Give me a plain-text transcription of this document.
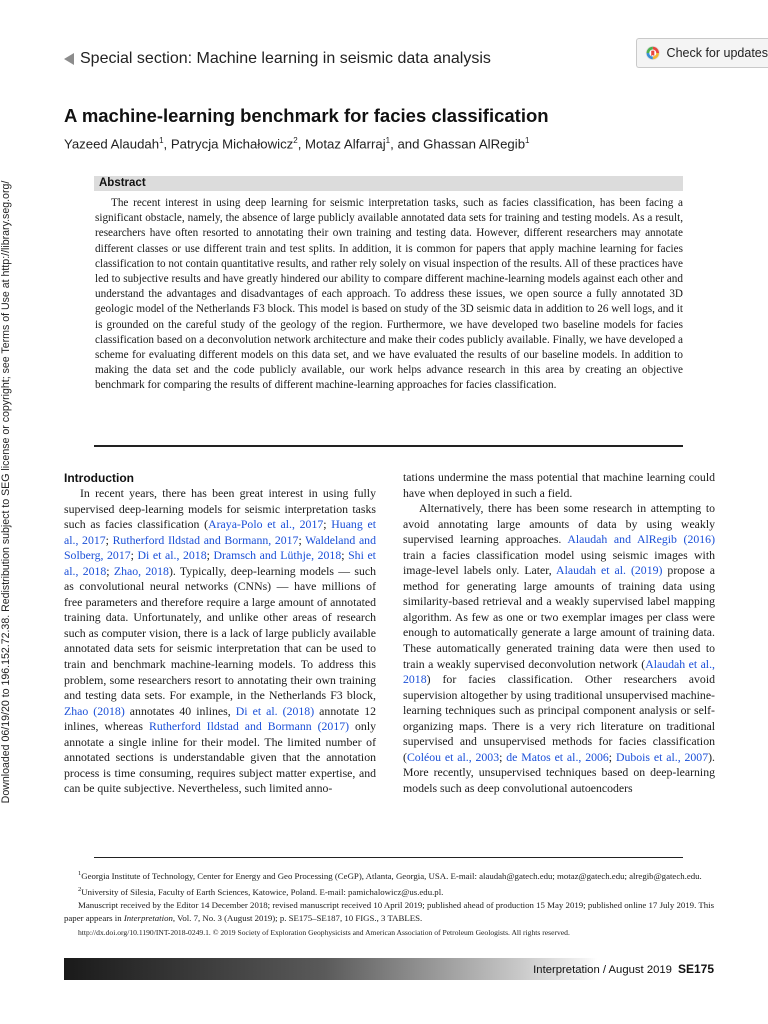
Downloaded 06/19/20 to 196.152.72.38. Redistribution subject to SEG license or copyright; see Terms of Use at http://library.seg.org/
Special section: Machine learning in seismic data analysis	Check for updates
A machine-learning benchmark for facies classification
Yazeed Alaudah$^1$, Patrycja Michałowicz$^2$, Motaz Alfarraj$^1$, and Ghassan AlRegib$^1$
Abstract

The recent interest in using deep learning for seismic interpretation tasks, such as facies classification, has been facing a significant obstacle, namely, the absence of large publicly available annotated data sets for training and testing models. As a result, researchers have often resorted to annotating their own training and testing data. However, different researchers may annotate different classes or use different train and test splits. In addition, it is common for papers that apply machine learning for facies classification to not contain quantitative results, and rather rely solely on visual inspection of the results. All of these practices have led to subjective results and have greatly hindered our ability to compare different machine-learning models against each other and understand the advantages and disadvantages of each approach. To address these issues, we open source a fully annotated 3D geologic model of the Netherlands F3 block. This model is based on study of the 3D seismic data in addition to 26 well logs, and it is grounded on the careful study of the geology of the region. Furthermore, we have developed two baseline models for facies classification based on a deconvolution network architecture and make their codes publicly available. Finally, we have developed a scheme for evaluating different models on this data set, and we have evaluated the results of our baseline models. In addition to making the data set and the code publicly available, our work helps advance research in this area by creating an objective benchmark for comparing the results of different machine-learning approaches for facies classification.

Introduction

In recent years, there has been great interest in using fully supervised deep-learning models for seismic interpretation tasks such as facies classification (Araya-Polo et al., 2017; Huang et al., 2017; Rutherford Ildstad and Bormann, 2017; Waldeland and Solberg, 2017; Di et al., 2018; Dramsch and Lüthje, 2018; Shi et al., 2018; Zhao, 2018). Typically, deep-learning models — such as convolutional neural networks (CNNs) — have millions of free parameters and therefore require a large amount of annotated training data. Unfortunately, and unlike other areas of research such as computer vision, there is a lack of large publicly available annotated data sets for seismic interpretation that can be used to train and benchmark machine-learning models. To address this problem, some researchers resort to annotating their own training and testing data sets. For example, in the Netherlands F3 block, Zhao (2018) annotates 40 inlines, Di et al. (2018) annotate 12 inlines, whereas Rutherford Ildstad and Bormann (2017) only annotate a single inline for their model. The limited number of annotated sections is understandable given that the annotation process is time consuming, requires subject matter expertise, and can be quite subjective. Nevertheless, such limited anno-

tations undermine the mass potential that machine learning could have when deployed in such a field.

Alternatively, there has been some research in attempting to avoid annotating large amounts of data by using weakly supervised learning approaches. Alaudah and AlRegib (2016) train a facies classification model using seismic images with image-level labels only. Later, Alaudah et al. (2019) propose a method for generating large amounts of training data using similarity-based retrieval and a weakly supervised label mapping algorithm. As few as one or two exemplar images per class were enough to automatically generate a large amount of training data. These automatically generated training data were then used to train a weakly supervised deconvolution network (Alaudah et al., 2018) for facies classification. Other researchers avoid supervision altogether by using traditional unsupervised machine-learning techniques such as principal component analysis or self-organizing maps. There is a very rich literature on traditional supervised and unsupervised methods for facies classification (Coléou et al., 2003; de Matos et al., 2006; Dubois et al., 2007). More recently, unsupervised techniques based on deep-learning models such as deep convolutional autoencoders

$^1$Georgia Institute of Technology, Center for Energy and Geo Processing (CeGP), Atlanta, Georgia, USA. E-mail: alaudah@gatech.edu; motaz@gatech.edu; alregib@gatech.edu.

$^2$University of Silesia, Faculty of Earth Sciences, Katowice, Poland. E-mail: pamichalowicz@us.edu.pl.

Manuscript received by the Editor 14 December 2018; revised manuscript received 10 April 2019; published ahead of production 15 May 2019; published online 17 July 2019. This paper appears in Interpretation, Vol. 7, No. 3 (August 2019); p. SE175–SE187, 10 FIGS., 3 TABLES.

http://dx.doi.org/10.1190/INT-2018-0249.1. © 2019 Society of Exploration Geophysicists and American Association of Petroleum Geologists. All rights reserved.

Interpretation / August 2019 SE175
